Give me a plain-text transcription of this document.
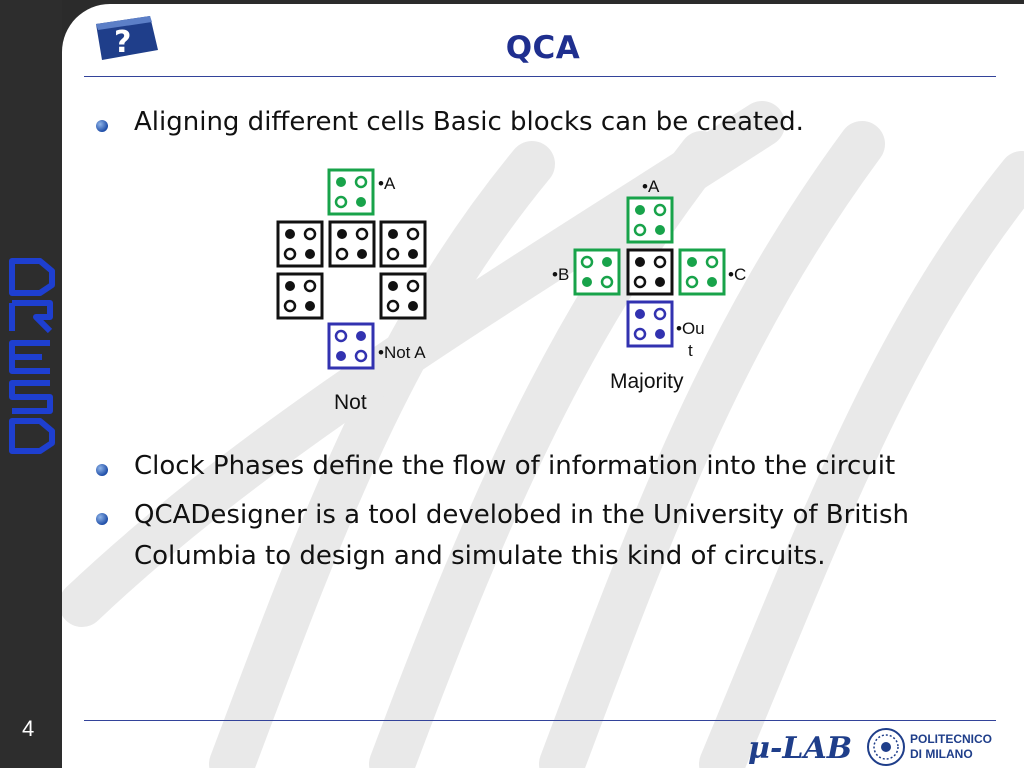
4
?	QCA
Aligning different cells Basic blocks can be created.
Clock Phases define the flow of information into the circuit
QCADesigner is a tool develobed in the University of British Columbia to design and simulate this kind of circuits.
•A
•Not A
Not
•A
•B	•C
•Ou
t
Majority
μ-LAB	POLITECNICO
DI MILANO
